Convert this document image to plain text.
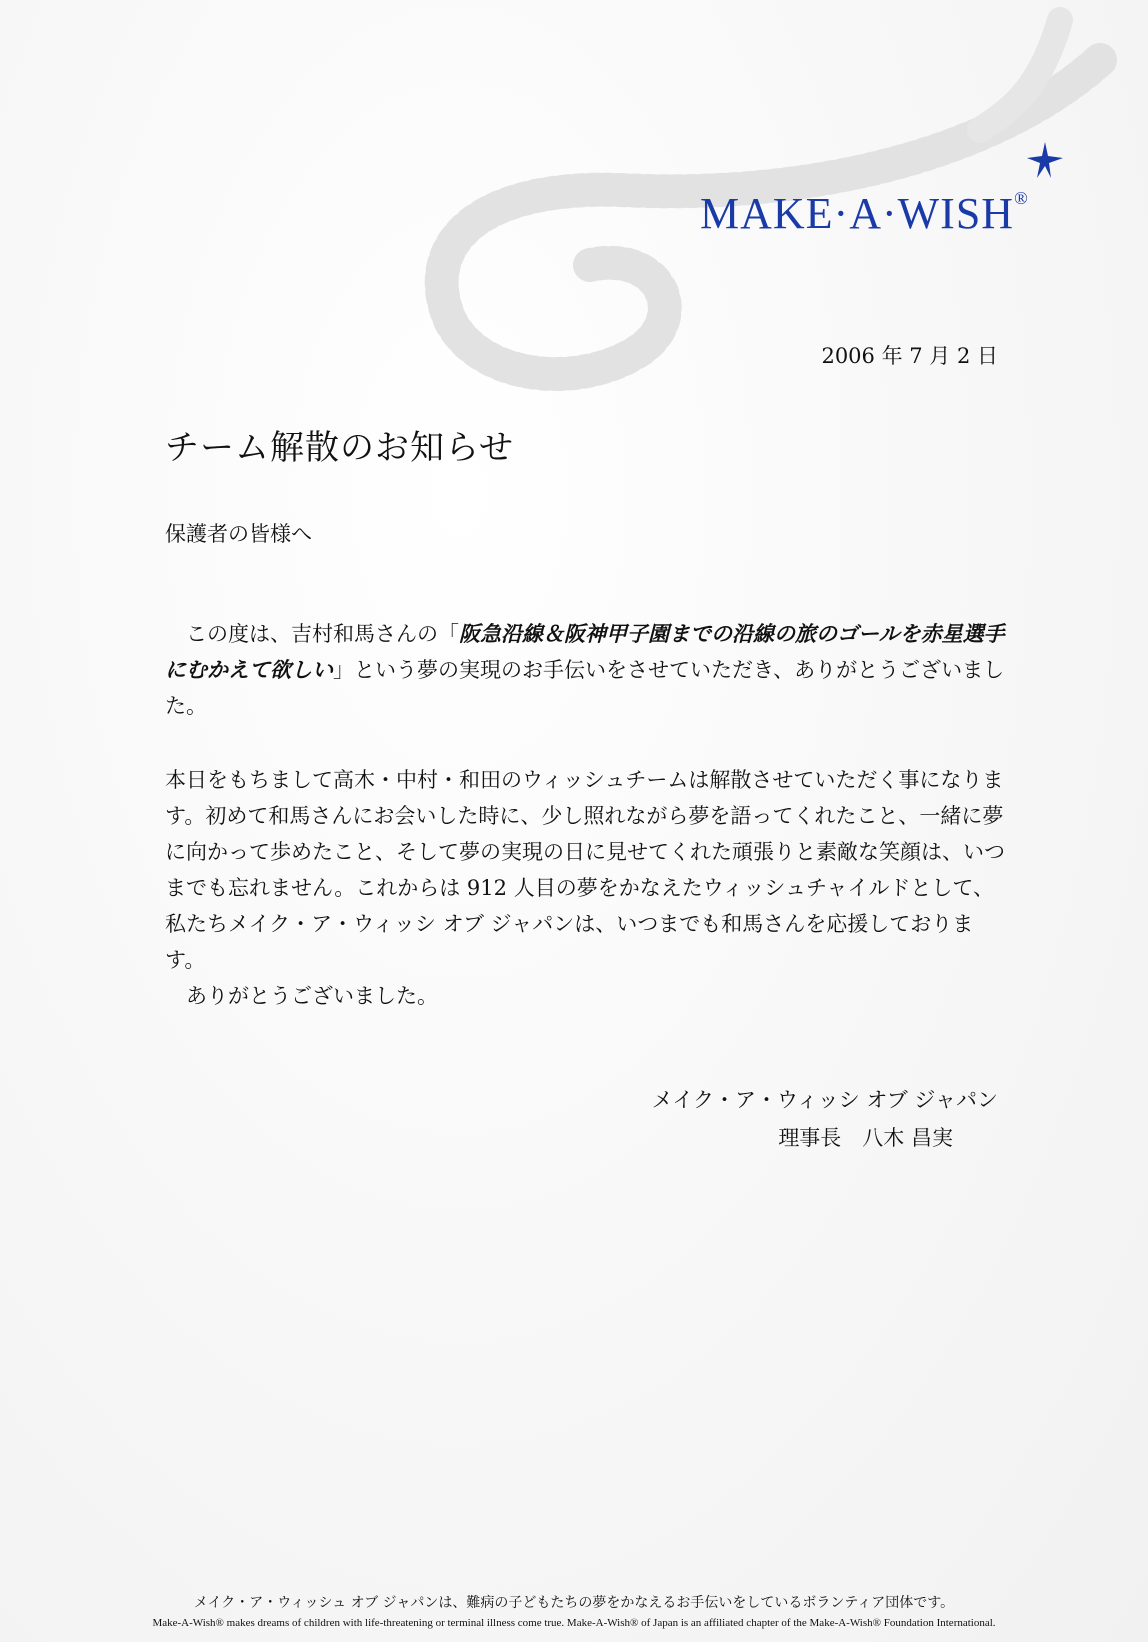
MAKE·A·WISH®
2006 年 7 月 2 日
チーム解散のお知らせ
保護者の皆様へ
この度は、吉村和馬さんの「阪急沿線＆阪神甲子園までの沿線の旅のゴールを赤星選手にむかえて欲しい」という夢の実現のお手伝いをさせていただき、ありがとうございました。
本日をもちまして高木・中村・和田のウィッシュチームは解散させていただく事になります。初めて和馬さんにお会いした時に、少し照れながら夢を語ってくれたこと、一緒に夢に向かって歩めたこと、そして夢の実現の日に見せてくれた頑張りと素敵な笑顔は、いつまでも忘れません。これからは 912 人目の夢をかなえたウィッシュチャイルドとして、私たちメイク・ア・ウィッシ オブ ジャパンは、いつまでも和馬さんを応援しております。
ありがとうございました。
メイク・ア・ウィッシ オブ ジャパン
理事長　八木 昌実
メイク・ア・ウィッシュ オブ ジャパンは、難病の子どもたちの夢をかなえるお手伝いをしているボランティア団体です。
Make-A-Wish® makes dreams of children with life-threatening or terminal illness come true. Make-A-Wish® of Japan is an affiliated chapter of the Make-A-Wish® Foundation International.
